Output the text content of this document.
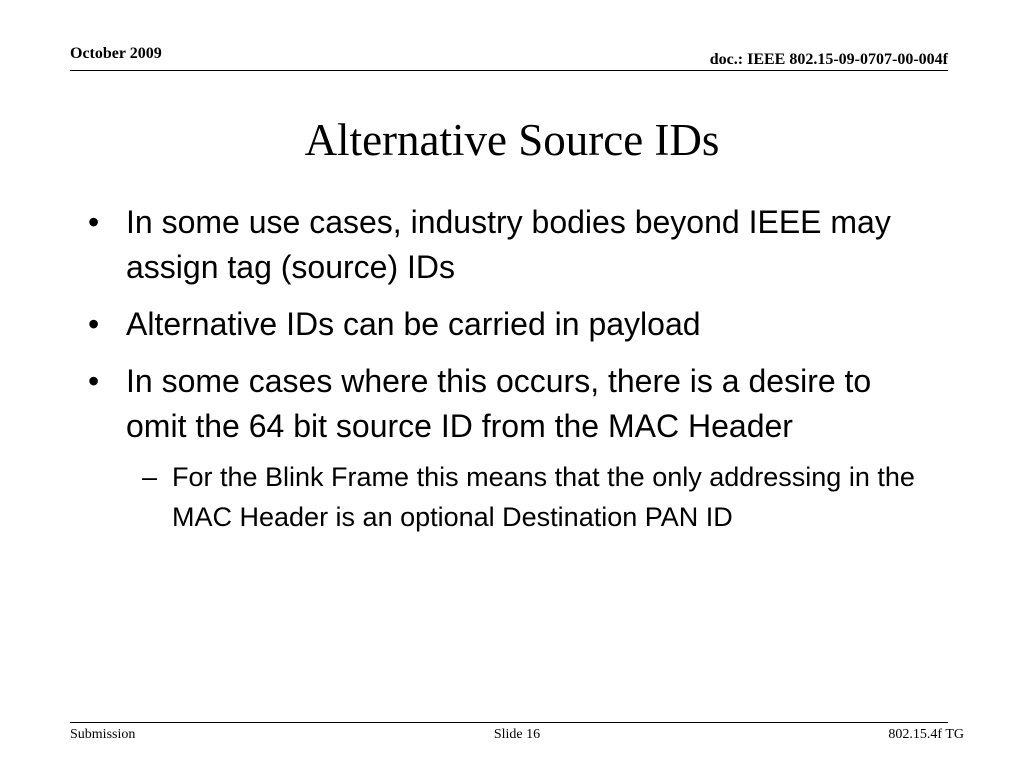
October 2009	doc.: IEEE 802.15-09-0707-00-004f
Alternative Source IDs
• In some use cases, industry bodies beyond IEEE may assign tag (source) IDs
• Alternative IDs can be carried in payload
• In some cases where this occurs, there is a desire to omit the 64 bit source ID from the MAC Header
– For the Blink Frame this means that the only addressing in the MAC Header is an optional Destination PAN ID
Submission	Slide 16	802.15.4f TG
